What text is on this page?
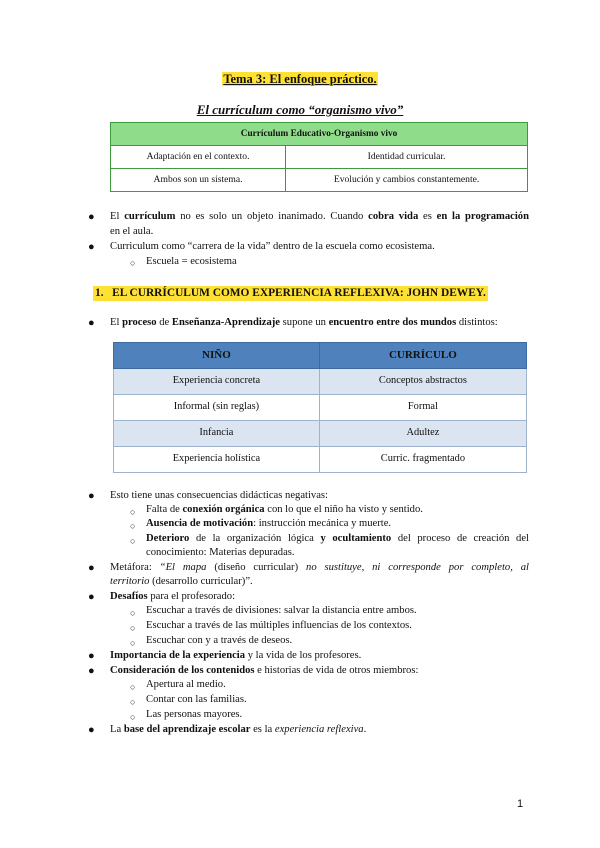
Tema 3: El enfoque práctico.
El currículum como “organismo vivo”
Currículum Educativo-Organismo vivo	
Adaptación en el contexto.	Identidad curricular.
Ambos son un sistema.	Evolución y cambios constantemente.
● El currículum no es solo un objeto inanimado. Cuando cobra vida es en la programación
en el aula.
● Curriculum como “carrera de la vida” dentro de la escuela como ecosistema.
○ Escuela = ecosistema
1. EL CURRÍCULUM COMO EXPERIENCIA REFLEXIVA: JOHN DEWEY.
● El proceso de Enseñanza-Aprendizaje supone un encuentro entre dos mundos distintos:
NIÑO	CURRÍCULO
Experiencia concreta	Conceptos abstractos
Informal (sin reglas)	Formal
Infancia	Adultez
Experiencia holística	Curric. fragmentado
● Esto tiene unas consecuencias didácticas negativas:
○ Falta de conexión orgánica con lo que el niño ha visto y sentido.
○ Ausencia de motivación: instrucción mecánica y muerte.
○ Deterioro de la organización lógica y ocultamiento del proceso de creación del
conocimiento: Materias depuradas.
● Metáfora: “El mapa (diseño curricular) no sustituye, ni corresponde por completo, al
territorio (desarrollo curricular)”.
● Desafíos para el profesorado:
○ Escuchar a través de divisiones: salvar la distancia entre ambos.
○ Escuchar a través de las múltiples influencias de los contextos.
○ Escuchar con y a través de deseos.
● Importancia de la experiencia y la vida de los profesores.
● Consideración de los contenidos e historias de vida de otros miembros:
○ Apertura al medio.
○ Contar con las familias.
○ Las personas mayores.
● La base del aprendizaje escolar es la experiencia reflexiva.
1
